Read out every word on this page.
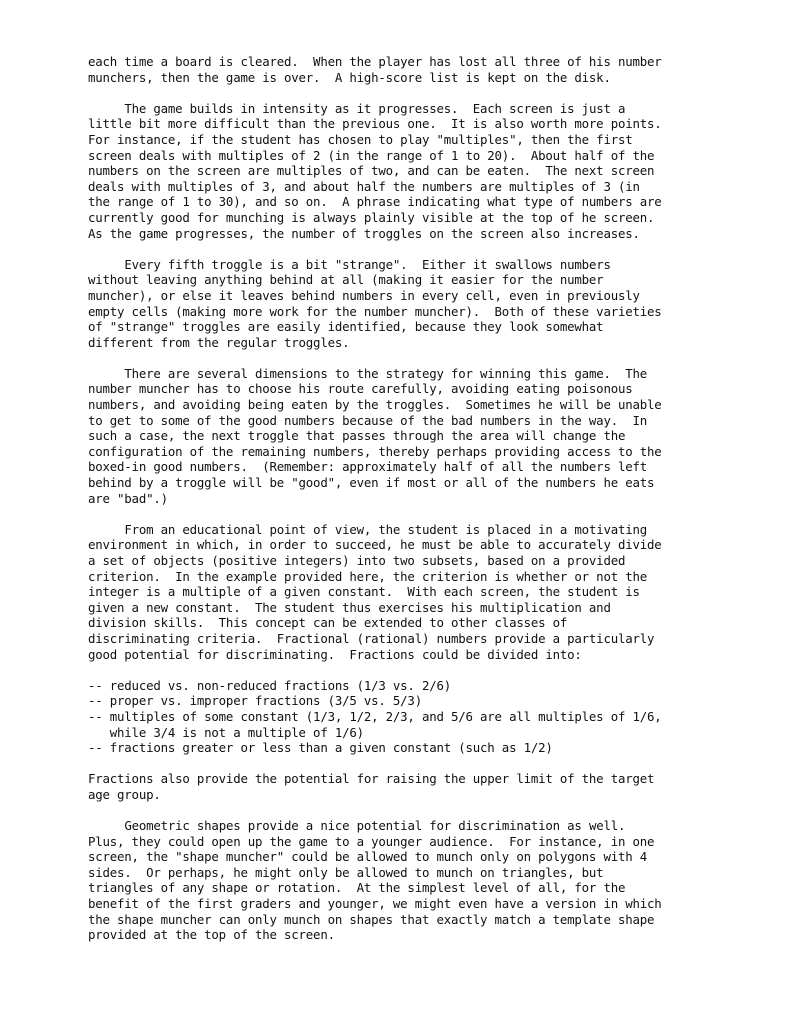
each time a board is cleared.  When the player has lost all three of his number
munchers, then the game is over.  A high-score list is kept on the disk.

The game builds in intensity as it progresses.  Each screen is just a
little bit more difficult than the previous one.  It is also worth more points.
For instance, if the student has chosen to play "multiples", then the first
screen deals with multiples of 2 (in the range of 1 to 20).  About half of the
numbers on the screen are multiples of two, and can be eaten.  The next screen
deals with multiples of 3, and about half the numbers are multiples of 3 (in
the range of 1 to 30), and so on.  A phrase indicating what type of numbers are
currently good for munching is always plainly visible at the top of he screen.
As the game progresses, the number of troggles on the screen also increases.

Every fifth troggle is a bit "strange".  Either it swallows numbers
without leaving anything behind at all (making it easier for the number
muncher), or else it leaves behind numbers in every cell, even in previously
empty cells (making more work for the number muncher).  Both of these varieties
of "strange" troggles are easily identified, because they look somewhat
different from the regular troggles.

There are several dimensions to the strategy for winning this game.  The
number muncher has to choose his route carefully, avoiding eating poisonous
numbers, and avoiding being eaten by the troggles.  Sometimes he will be unable
to get to some of the good numbers because of the bad numbers in the way.  In
such a case, the next troggle that passes through the area will change the
configuration of the remaining numbers, thereby perhaps providing access to the
boxed-in good numbers.  (Remember: approximately half of all the numbers left
behind by a troggle will be "good", even if most or all of the numbers he eats
are "bad".)

From an educational point of view, the student is placed in a motivating
environment in which, in order to succeed, he must be able to accurately divide
a set of objects (positive integers) into two subsets, based on a provided
criterion.  In the example provided here, the criterion is whether or not the
integer is a multiple of a given constant.  With each screen, the student is
given a new constant.  The student thus exercises his multiplication and
division skills.  This concept can be extended to other classes of
discriminating criteria.  Fractional (rational) numbers provide a particularly
good potential for discriminating.  Fractions could be divided into:

-- reduced vs. non-reduced fractions (1/3 vs. 2/6)
-- proper vs. improper fractions (3/5 vs. 5/3)
-- multiples of some constant (1/3, 1/2, 2/3, and 5/6 are all multiples of 1/6,
while 3/4 is not a multiple of 1/6)
-- fractions greater or less than a given constant (such as 1/2)

Fractions also provide the potential for raising the upper limit of the target
age group.

Geometric shapes provide a nice potential for discrimination as well.
Plus, they could open up the game to a younger audience.  For instance, in one
screen, the "shape muncher" could be allowed to munch only on polygons with 4
sides.  Or perhaps, he might only be allowed to munch on triangles, but
triangles of any shape or rotation.  At the simplest level of all, for the
benefit of the first graders and younger, we might even have a version in which
the shape muncher can only munch on shapes that exactly match a template shape
provided at the top of the screen.
